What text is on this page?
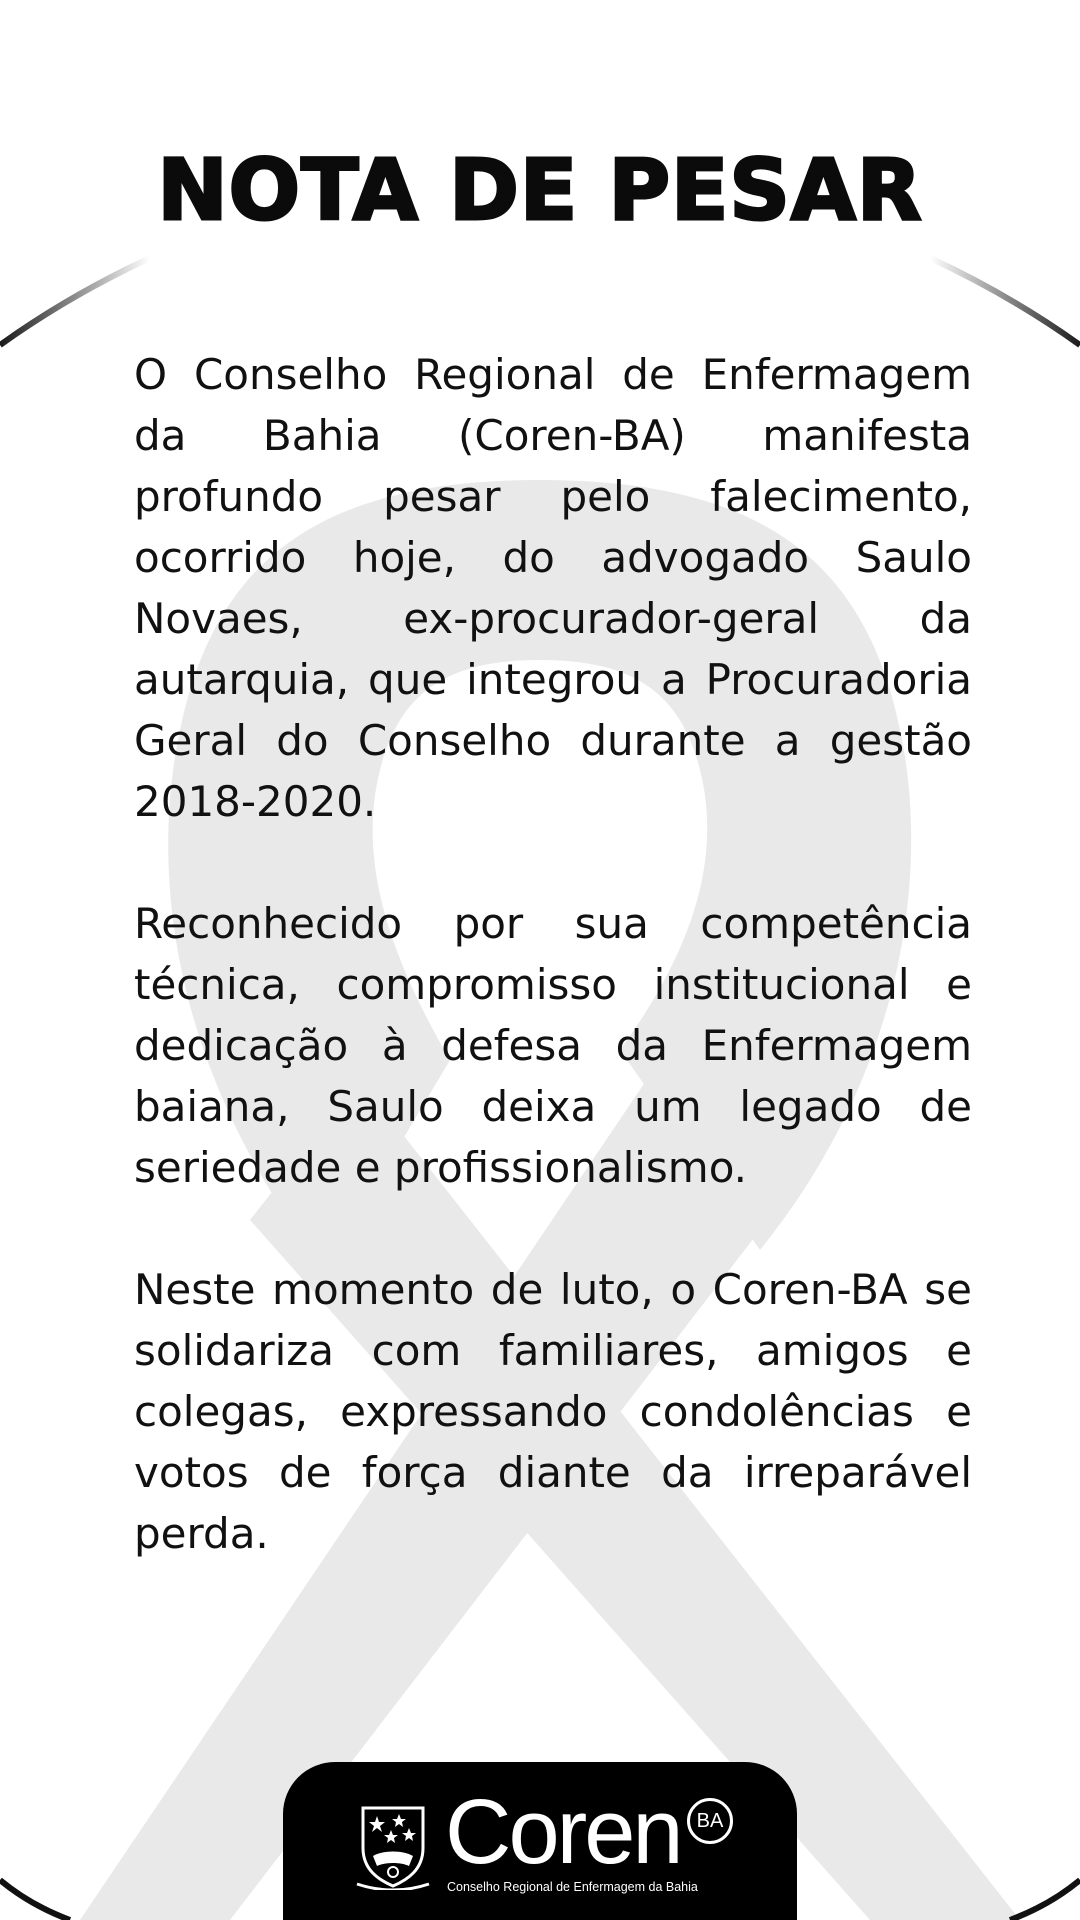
NOTA DE PESAR

O Conselho Regional de Enfermagem da Bahia (Coren-BA) manifesta profundo pesar pelo falecimento, ocorrido hoje, do advogado Saulo Novaes, ex-procurador-geral da autarquia, que integrou a Procuradoria Geral do Conselho durante a gestão 2018-2020.

Reconhecido por sua competência técnica, compromisso institucional e dedicação à defesa da Enfermagem baiana, Saulo deixa um legado de seriedade e profissionalismo.

Neste momento de luto, o Coren-BA se solidariza com familiares, amigos e colegas, expressando condolências e votos de força diante da irreparável perda.

Coren BA
Conselho Regional de Enfermagem da Bahia
